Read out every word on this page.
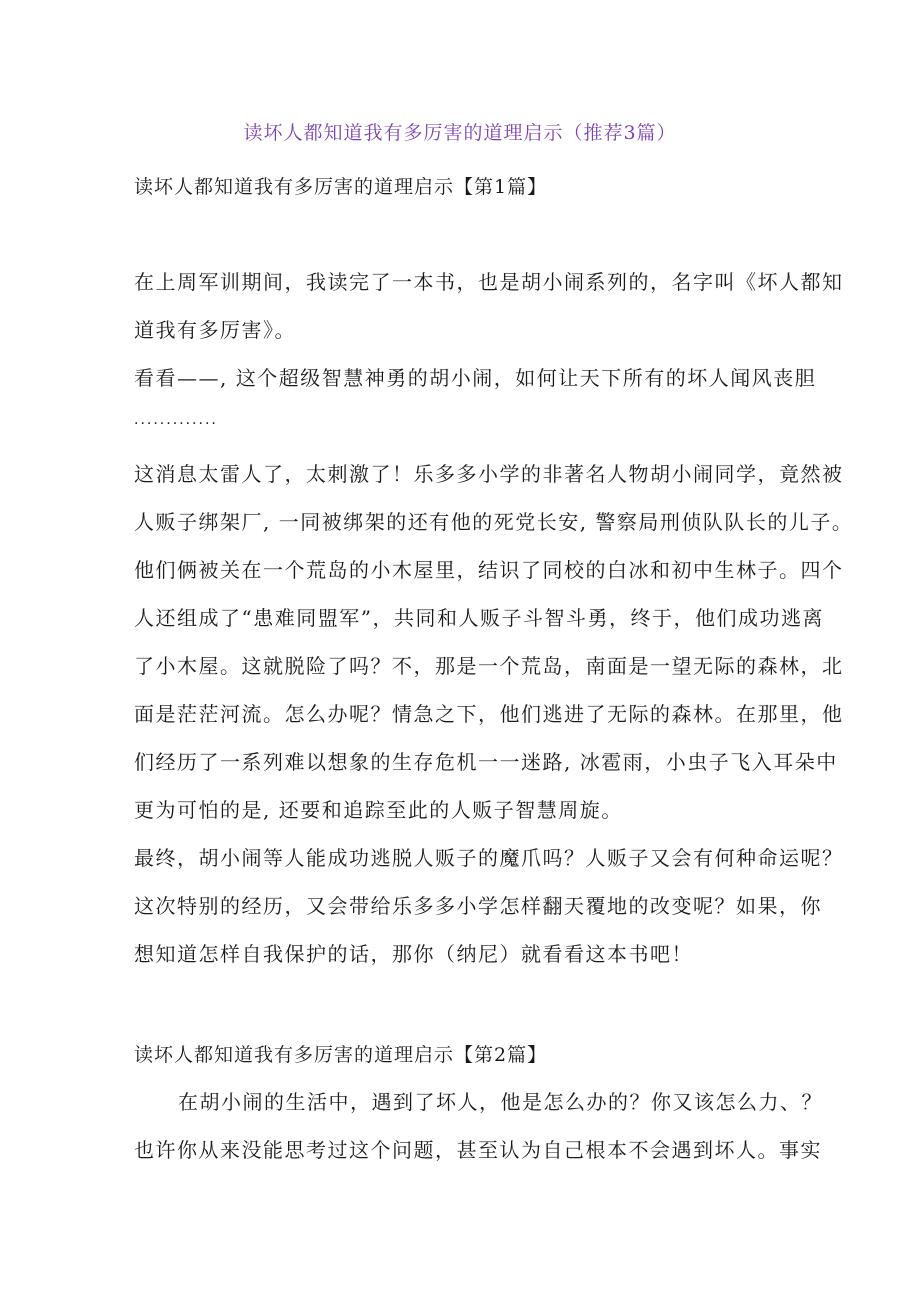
读坏人都知道我有多厉害的道理启示（推荐3篇）
读坏人都知道我有多厉害的道理启示【第1篇】
在上周军训期间，我读完了一本书，也是胡小闹系列的，名字叫《坏人都知
道我有多厉害》。
看看——, 这个超级智慧神勇的胡小闹，如何让天下所有的坏人闻风丧胆
.............
这消息太雷人了，太刺激了！乐多多小学的非著名人物胡小闹同学，竟然被
人贩子绑架厂, 一同被绑架的还有他的死党长安, 警察局刑侦队队长的儿子。
他们俩被关在一个荒岛的小木屋里，结识了同校的白冰和初中生林子。四个
人还组成了“患难同盟军”，共同和人贩子斗智斗勇，终于，他们成功逃离
了小木屋。这就脱险了吗？不，那是一个荒岛，南面是一望无际的森林，北
面是茫茫河流。怎么办呢？情急之下，他们逃进了无际的森林。在那里，他
们经历了一系列难以想象的生存危机一一迷路, 冰雹雨，小虫子飞入耳朵中
更为可怕的是, 还要和追踪至此的人贩子智慧周旋。
最终，胡小闹等人能成功逃脱人贩子的魔爪吗？人贩子又会有何种命运呢？
这次特别的经历，又会带给乐多多小学怎样翻天覆地的改变呢？如果，你
想知道怎样自我保护的话，那你（纳尼）就看看这本书吧！
读坏人都知道我有多厉害的道理启示【第2篇】
在胡小闹的生活中，遇到了坏人，他是怎么办的？你又该怎么力、？
也许你从来没能思考过这个问题，甚至认为自己根本不会遇到坏人。事实
